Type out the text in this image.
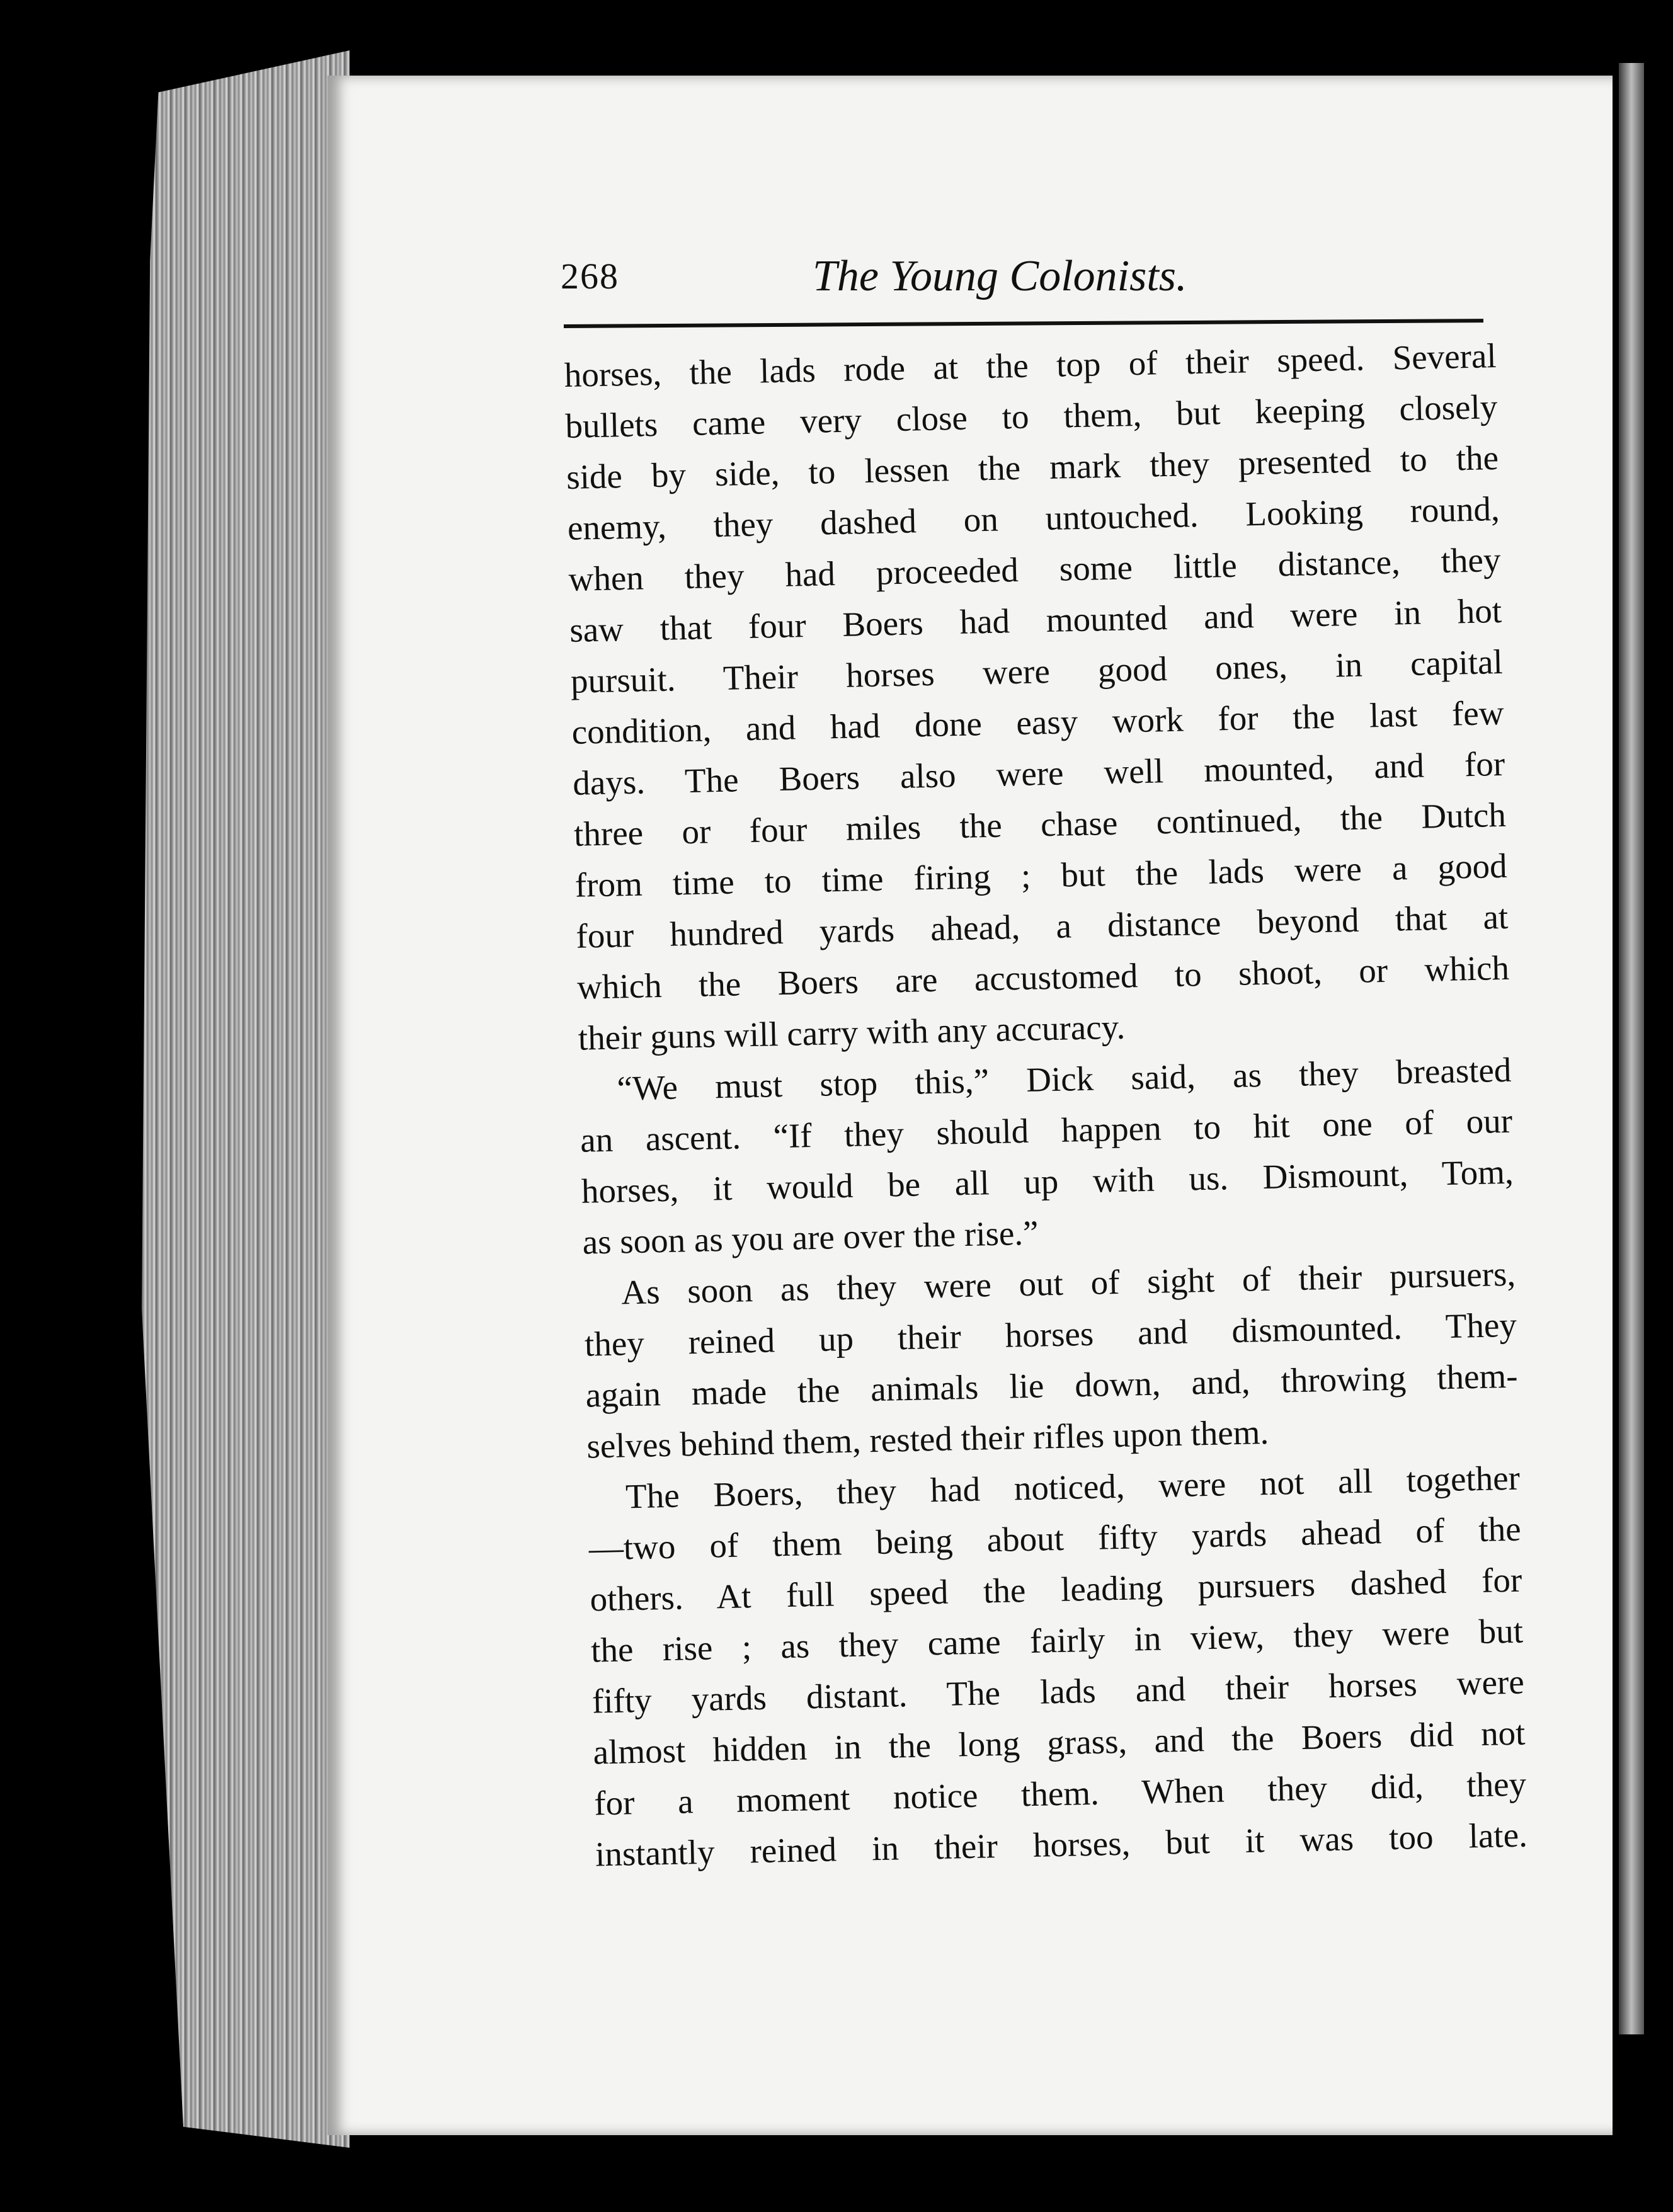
268	The Young Colonists.

horses, the lads rode at the top of their speed. Several
bullets came very close to them, but keeping closely
side by side, to lessen the mark they presented to the
enemy, they dashed on untouched. Looking round,
when they had proceeded some little distance, they
saw that four Boers had mounted and were in hot
pursuit. Their horses were good ones, in capital
condition, and had done easy work for the last few
days. The Boers also were well mounted, and for
three or four miles the chase continued, the Dutch
from time to time firing ; but the lads were a good
four hundred yards ahead, a distance beyond that at
which the Boers are accustomed to shoot, or which
their guns will carry with any accuracy.

“We must stop this,” Dick said, as they breasted
an ascent. “If they should happen to hit one of our
horses, it would be all up with us. Dismount, Tom,
as soon as you are over the rise.”

As soon as they were out of sight of their pursuers,
they reined up their horses and dismounted. They
again made the animals lie down, and, throwing them-
selves behind them, rested their rifles upon them.

The Boers, they had noticed, were not all together
—two of them being about fifty yards ahead of the
others. At full speed the leading pursuers dashed for
the rise ; as they came fairly in view, they were but
fifty yards distant. The lads and their horses were
almost hidden in the long grass, and the Boers did not
for a moment notice them. When they did, they
instantly reined in their horses, but it was too late.
